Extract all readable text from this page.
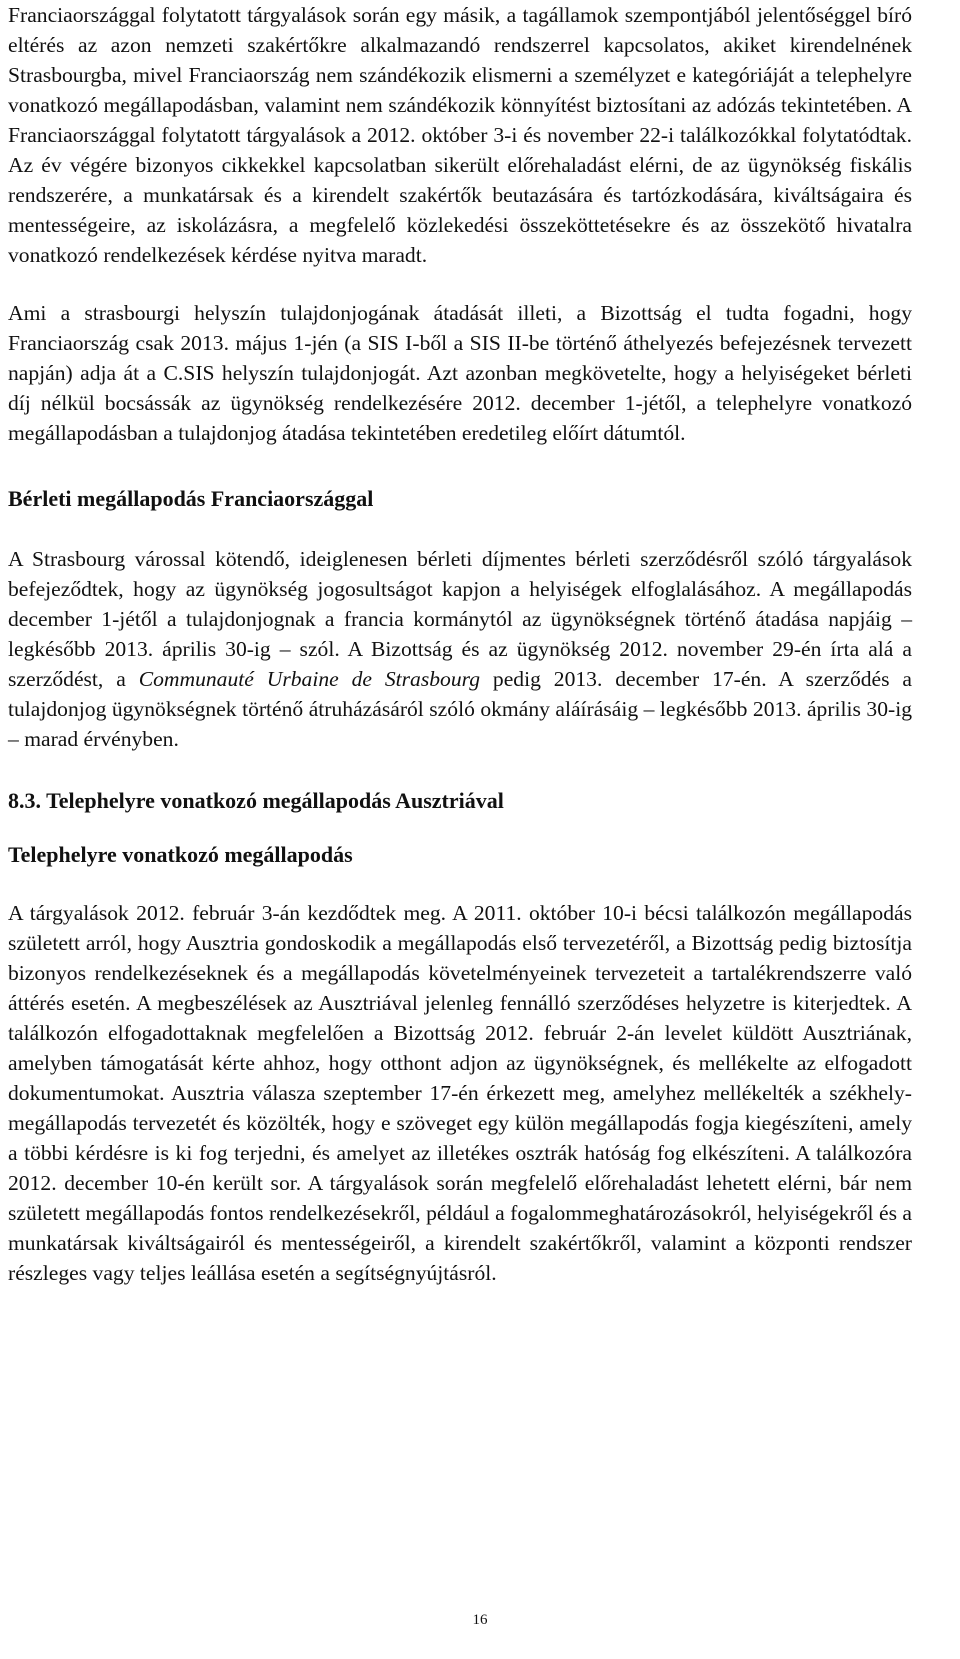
Franciaországgal folytatott tárgyalások során egy másik, a tagállamok szempontjából jelentőséggel bíró eltérés az azon nemzeti szakértőkre alkalmazandó rendszerrel kapcsolatos, akiket kirendelnének Strasbourgba, mivel Franciaország nem szándékozik elismerni a személyzet e kategóriáját a telephelyre vonatkozó megállapodásban, valamint nem szándékozik könnyítést biztosítani az adózás tekintetében. A Franciaországgal folytatott tárgyalások a 2012. október 3-i és november 22-i találkozókkal folytatódtak. Az év végére bizonyos cikkekkel kapcsolatban sikerült előrehaladást elérni, de az ügynökség fiskális rendszerére, a munkatársak és a kirendelt szakértők beutazására és tartózkodására, kiváltságaira és mentességeire, az iskolázásra, a megfelelő közlekedési összeköttetésekre és az összekötő hivatalra vonatkozó rendelkezések kérdése nyitva maradt.

Ami a strasbourgi helyszín tulajdonjogának átadását illeti, a Bizottság el tudta fogadni, hogy Franciaország csak 2013. május 1-jén (a SIS I-ből a SIS II-be történő áthelyezés befejezésnek tervezett napján) adja át a C.SIS helyszín tulajdonjogát. Azt azonban megkövetelte, hogy a helyiségeket bérleti díj nélkül bocsássák az ügynökség rendelkezésére 2012. december 1-jétől, a telephelyre vonatkozó megállapodásban a tulajdonjog átadása tekintetében eredetileg előírt dátumtól.

Bérleti megállapodás Franciaországgal

A Strasbourg várossal kötendő, ideiglenesen bérleti díjmentes bérleti szerződésről szóló tárgyalások befejeződtek, hogy az ügynökség jogosultságot kapjon a helyiségek elfoglalásához. A megállapodás december 1-jétől a tulajdonjognak a francia kormánytól az ügynökségnek történő átadása napjáig – legkésőbb 2013. április 30-ig – szól. A Bizottság és az ügynökség 2012. november 29-én írta alá a szerződést, a Communauté Urbaine de Strasbourg pedig 2013. december 17-én. A szerződés a tulajdonjog ügynökségnek történő átruházásáról szóló okmány aláírásáig – legkésőbb 2013. április 30-ig – marad érvényben.

8.3. Telephelyre vonatkozó megállapodás Ausztriával
Telephelyre vonatkozó megállapodás

A tárgyalások 2012. február 3-án kezdődtek meg. A 2011. október 10-i bécsi találkozón megállapodás született arról, hogy Ausztria gondoskodik a megállapodás első tervezetéről, a Bizottság pedig biztosítja bizonyos rendelkezéseknek és a megállapodás követelményeinek tervezeteit a tartalékrendszerre való áttérés esetén. A megbeszélések az Ausztriával jelenleg fennálló szerződéses helyzetre is kiterjedtek. A találkozón elfogadottaknak megfelelően a Bizottság 2012. február 2-án levelet küldött Ausztriának, amelyben támogatását kérte ahhoz, hogy otthont adjon az ügynökségnek, és mellékelte az elfogadott dokumentumokat. Ausztria válasza szeptember 17-én érkezett meg, amelyhez mellékelték a székhely-megállapodás tervezetét és közölték, hogy e szöveget egy külön megállapodás fogja kiegészíteni, amely a többi kérdésre is ki fog terjedni, és amelyet az illetékes osztrák hatóság fog elkészíteni. A találkozóra 2012. december 10-én került sor. A tárgyalások során megfelelő előrehaladást lehetett elérni, bár nem született megállapodás fontos rendelkezésekről, például a fogalommeghatározásokról, helyiségekről és a munkatársak kiváltságairól és mentességeiről, a kirendelt szakértőkről, valamint a központi rendszer részleges vagy teljes leállása esetén a segítségnyújtásról.

16
